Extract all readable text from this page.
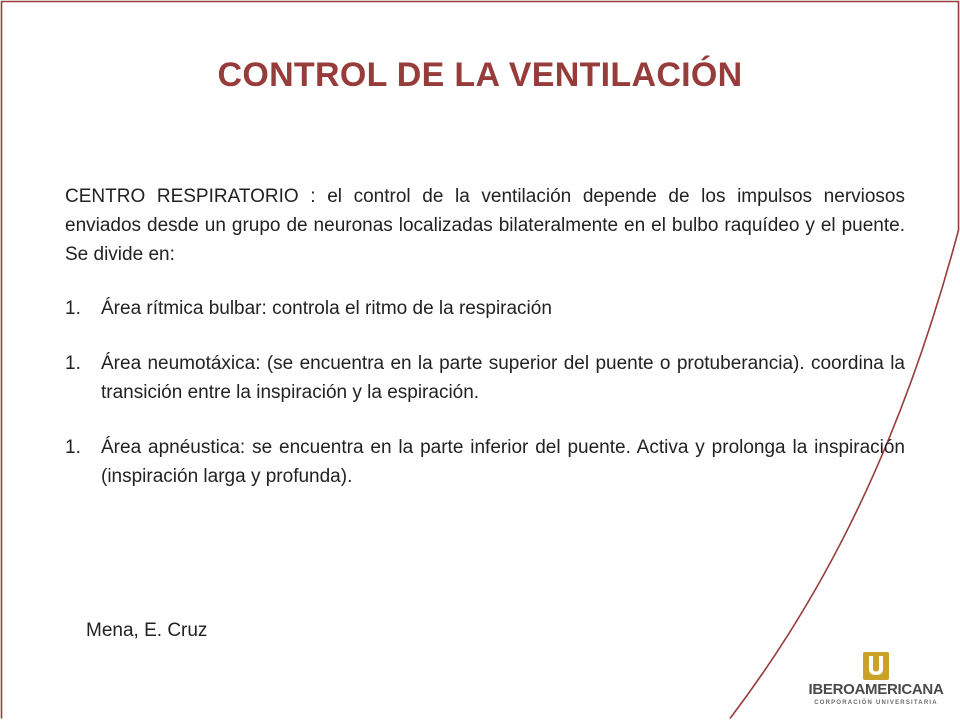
CONTROL DE LA VENTILACIÓN

CENTRO RESPIRATORIO : el control de la ventilación depende de los impulsos nerviosos enviados desde un grupo de neuronas localizadas bilateralmente en el bulbo raquídeo y el puente. Se divide en:

1.	Área rítmica bulbar: controla el ritmo de la respiración
1.	Área neumotáxica: (se encuentra en la parte superior del puente o protuberancia). coordina la transición entre la inspiración y la espiración.
1.	Área apnéustica: se encuentra en la parte inferior del puente. Activa y prolonga la inspiración (inspiración larga y profunda).
Mena, E. Cruz
IBEROAMERICANA
CORPORACIÓN UNIVERSITARIA
